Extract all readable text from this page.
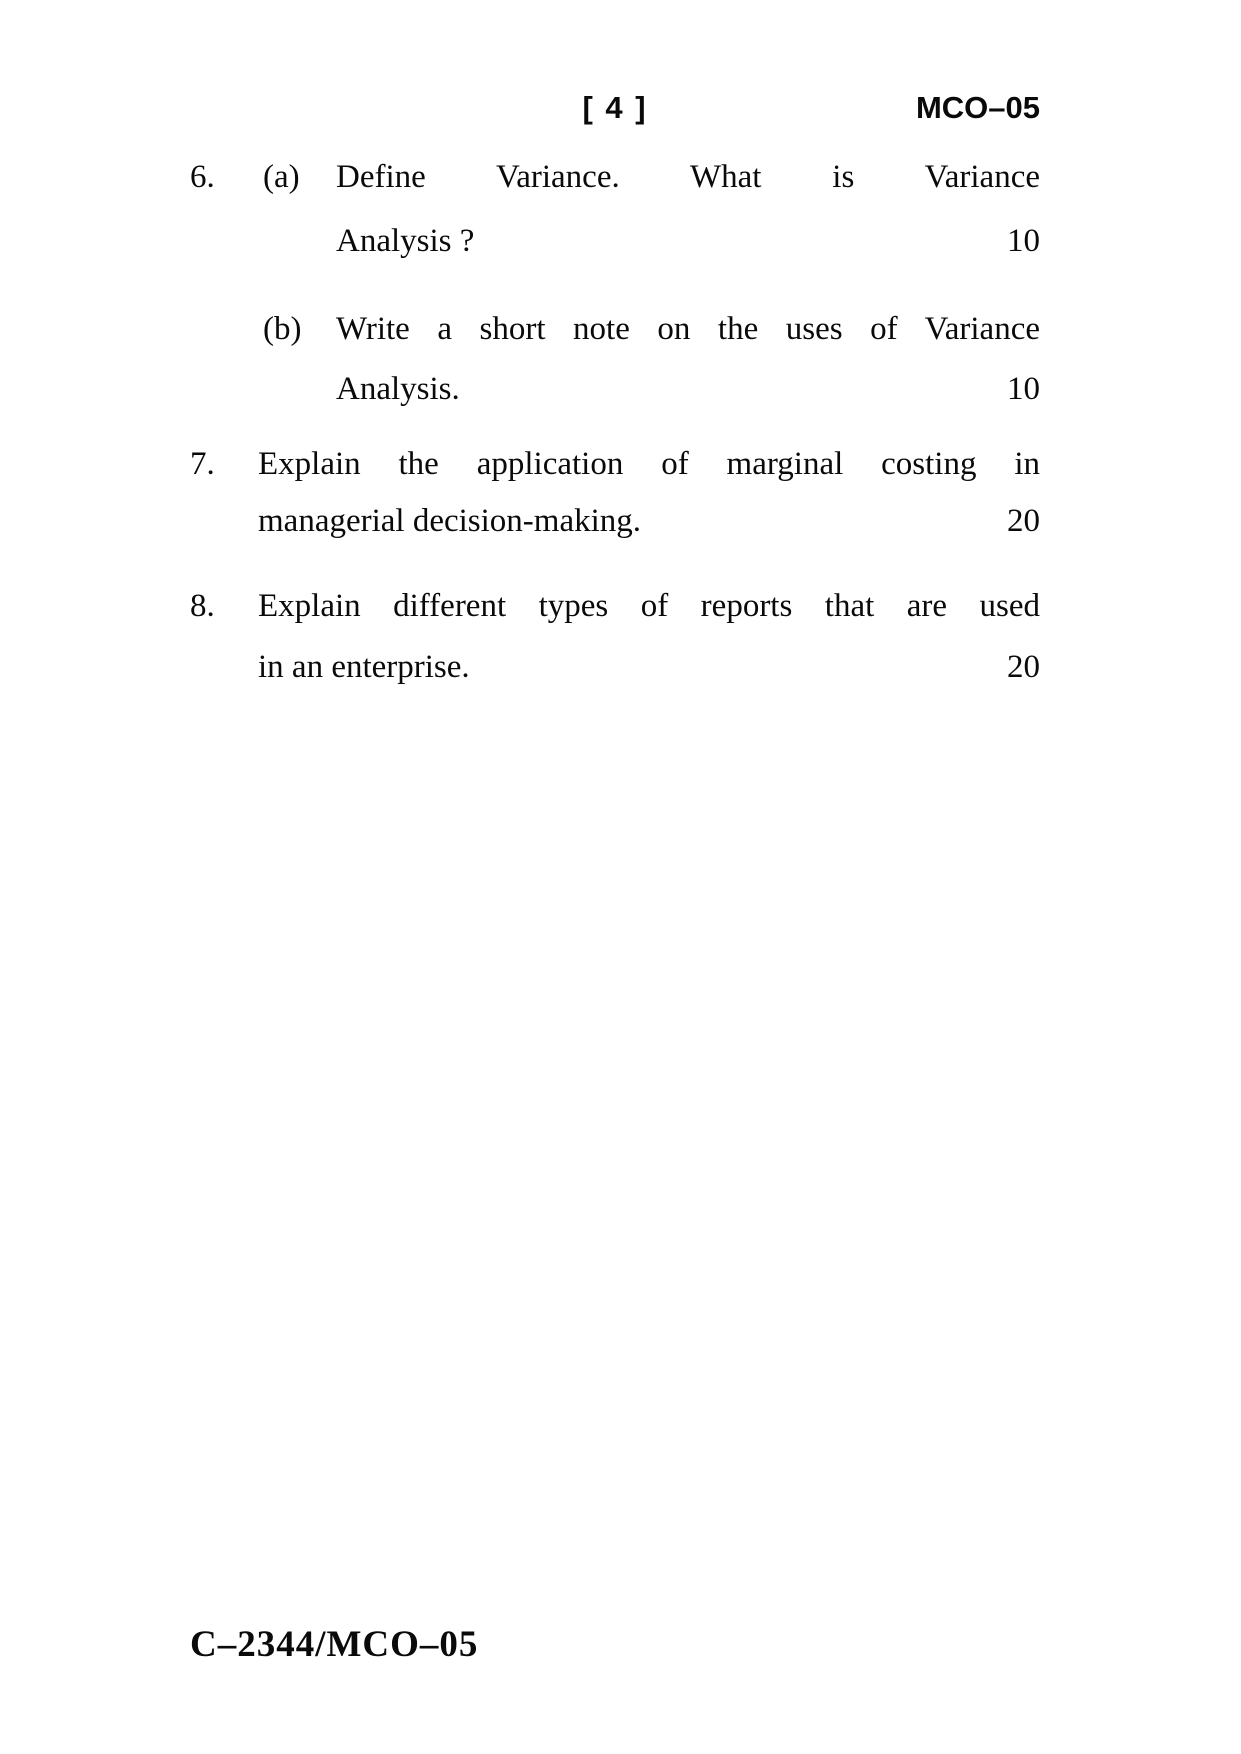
[ 4 ]	MCO–05
6. (a) Define Variance. What is Variance
Analysis ?	10
(b) Write a short note on the uses of Variance
Analysis.	10
7. Explain the application of marginal costing in
managerial decision-making.	20
8. Explain different types of reports that are used
in an enterprise.	20
C–2344/MCO–05
